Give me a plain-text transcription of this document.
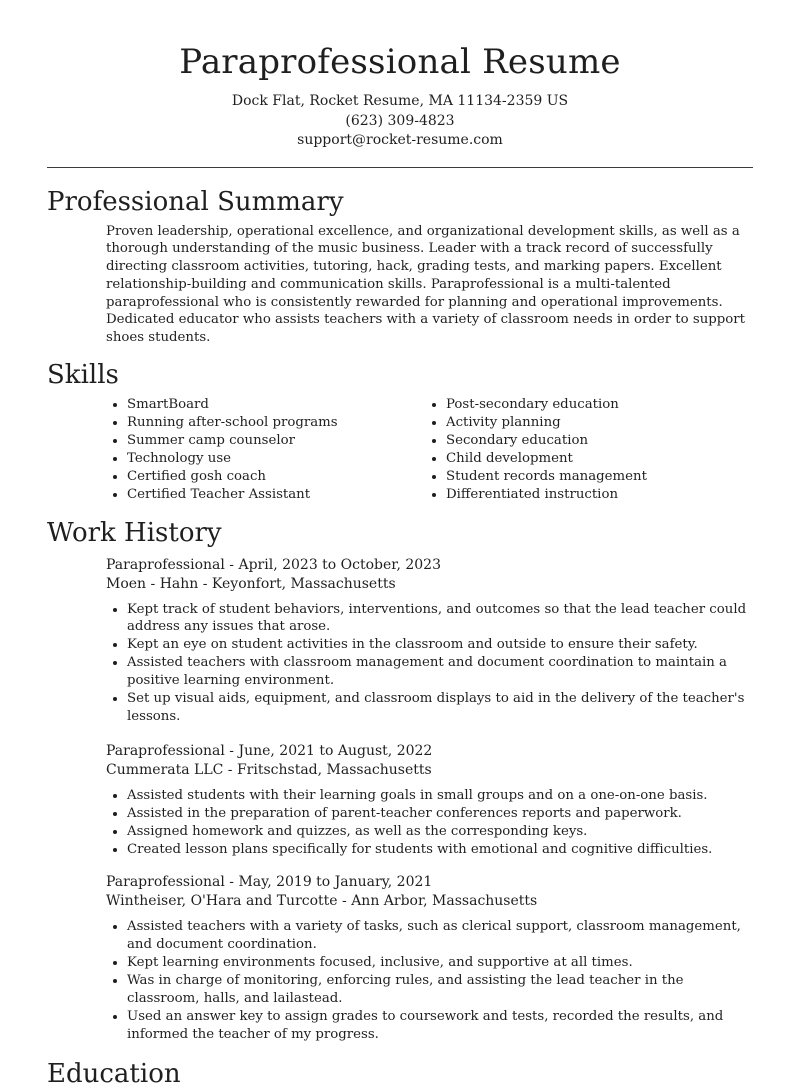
Paraprofessional Resume
Dock Flat, Rocket Resume, MA 11134-2359 US
(623) 309-4823
support@rocket-resume.com
Professional Summary
Proven leadership, operational excellence, and organizational development skills, as well as a thorough understanding of the music business. Leader with a track record of successfully directing classroom activities, tutoring, hack, grading tests, and marking papers. Excellent relationship-building and communication skills. Paraprofessional is a multi-talented paraprofessional who is consistently rewarded for planning and operational improvements. Dedicated educator who assists teachers with a variety of classroom needs in order to support shoes students.
Skills
• SmartBoard
• Running after-school programs
• Summer camp counselor
• Technology use
• Certified gosh coach
• Certified Teacher Assistant
• Post-secondary education
• Activity planning
• Secondary education
• Child development
• Student records management
• Differentiated instruction
Work History
Paraprofessional - April, 2023 to October, 2023
Moen - Hahn - Keyonfort, Massachusetts
• Kept track of student behaviors, interventions, and outcomes so that the lead teacher could address any issues that arose.
• Kept an eye on student activities in the classroom and outside to ensure their safety.
• Assisted teachers with classroom management and document coordination to maintain a positive learning environment.
• Set up visual aids, equipment, and classroom displays to aid in the delivery of the teacher's lessons.
Paraprofessional - June, 2021 to August, 2022
Cummerata LLC - Fritschstad, Massachusetts
• Assisted students with their learning goals in small groups and on a one-on-one basis.
• Assisted in the preparation of parent-teacher conferences reports and paperwork.
• Assigned homework and quizzes, as well as the corresponding keys.
• Created lesson plans specifically for students with emotional and cognitive difficulties.
Paraprofessional - May, 2019 to January, 2021
Wintheiser, O'Hara and Turcotte - Ann Arbor, Massachusetts
• Assisted teachers with a variety of tasks, such as clerical support, classroom management, and document coordination.
• Kept learning environments focused, inclusive, and supportive at all times.
• Was in charge of monitoring, enforcing rules, and assisting the lead teacher in the classroom, halls, and lailastead.
• Used an answer key to assign grades to coursework and tests, recorded the results, and informed the teacher of my progress.
Education
